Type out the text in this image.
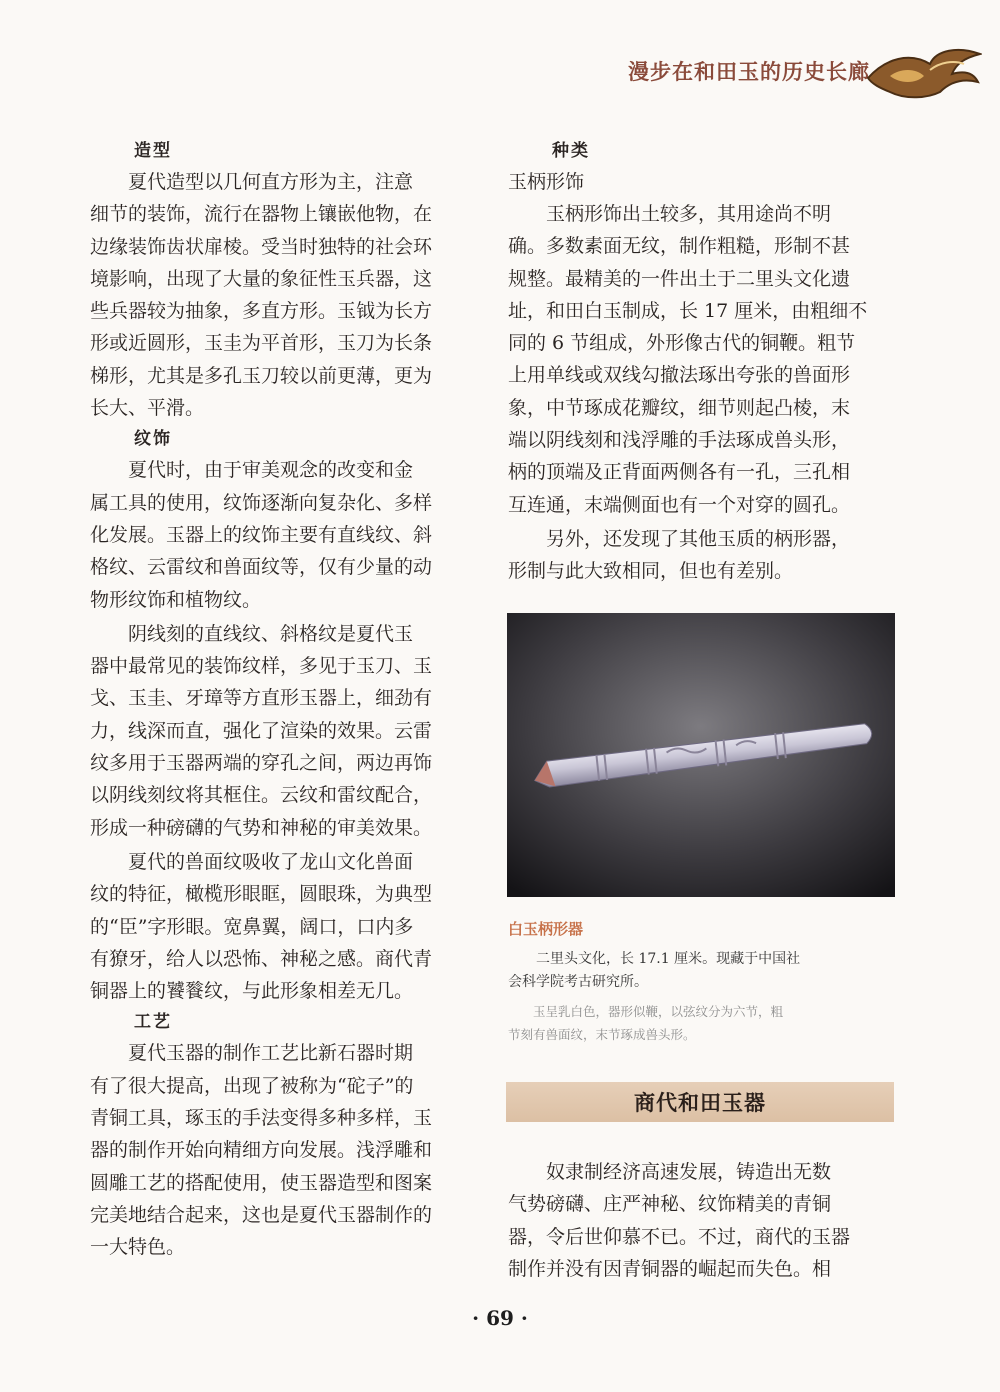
漫步在和田玉的历史长廊
造型
夏代造型以几何直方形为主，注意
细节的装饰，流行在器物上镶嵌他物，在
边缘装饰齿状扉棱。受当时独特的社会环
境影响，出现了大量的象征性玉兵器，这
些兵器较为抽象，多直方形。玉钺为长方
形或近圆形，玉圭为平首形，玉刀为长条
梯形，尤其是多孔玉刀较以前更薄，更为
长大、平滑。
纹饰
夏代时，由于审美观念的改变和金
属工具的使用，纹饰逐渐向复杂化、多样
化发展。玉器上的纹饰主要有直线纹、斜
格纹、云雷纹和兽面纹等，仅有少量的动
物形纹饰和植物纹。
阴线刻的直线纹、斜格纹是夏代玉
器中最常见的装饰纹样，多见于玉刀、玉
戈、玉圭、牙璋等方直形玉器上，细劲有
力，线深而直，强化了渲染的效果。云雷
纹多用于玉器两端的穿孔之间，两边再饰
以阴线刻纹将其框住。云纹和雷纹配合，
形成一种磅礴的气势和神秘的审美效果。
夏代的兽面纹吸收了龙山文化兽面
纹的特征，橄榄形眼眶，圆眼珠，为典型
的“臣”字形眼。宽鼻翼，阔口，口内多
有獠牙，给人以恐怖、神秘之感。商代青
铜器上的饕餮纹，与此形象相差无几。
工艺
夏代玉器的制作工艺比新石器时期
有了很大提高，出现了被称为“砣子”的
青铜工具，琢玉的手法变得多种多样，玉
器的制作开始向精细方向发展。浅浮雕和
圆雕工艺的搭配使用，使玉器造型和图案
完美地结合起来，这也是夏代玉器制作的
一大特色。
种类
玉柄形饰
玉柄形饰出土较多，其用途尚不明
确。多数素面无纹，制作粗糙，形制不甚
规整。最精美的一件出土于二里头文化遗
址，和田白玉制成，长 17 厘米，由粗细不
同的 6 节组成，外形像古代的铜鞭。粗节
上用单线或双线勾撤法琢出夸张的兽面形
象，中节琢成花瓣纹，细节则起凸棱，末
端以阴线刻和浅浮雕的手法琢成兽头形，
柄的顶端及正背面两侧各有一孔，三孔相
互连通，末端侧面也有一个对穿的圆孔。
另外，还发现了其他玉质的柄形器，
形制与此大致相同，但也有差别。
白玉柄形器
二里头文化，长 17.1 厘米。现藏于中国社
会科学院考古研究所。
玉呈乳白色，器形似鞭，以弦纹分为六节，粗
节刻有兽面纹，末节琢成兽头形。
商代和田玉器
奴隶制经济高速发展，铸造出无数
气势磅礴、庄严神秘、纹饰精美的青铜
器，令后世仰慕不已。不过，商代的玉器
制作并没有因青铜器的崛起而失色。相
· 69 ·
